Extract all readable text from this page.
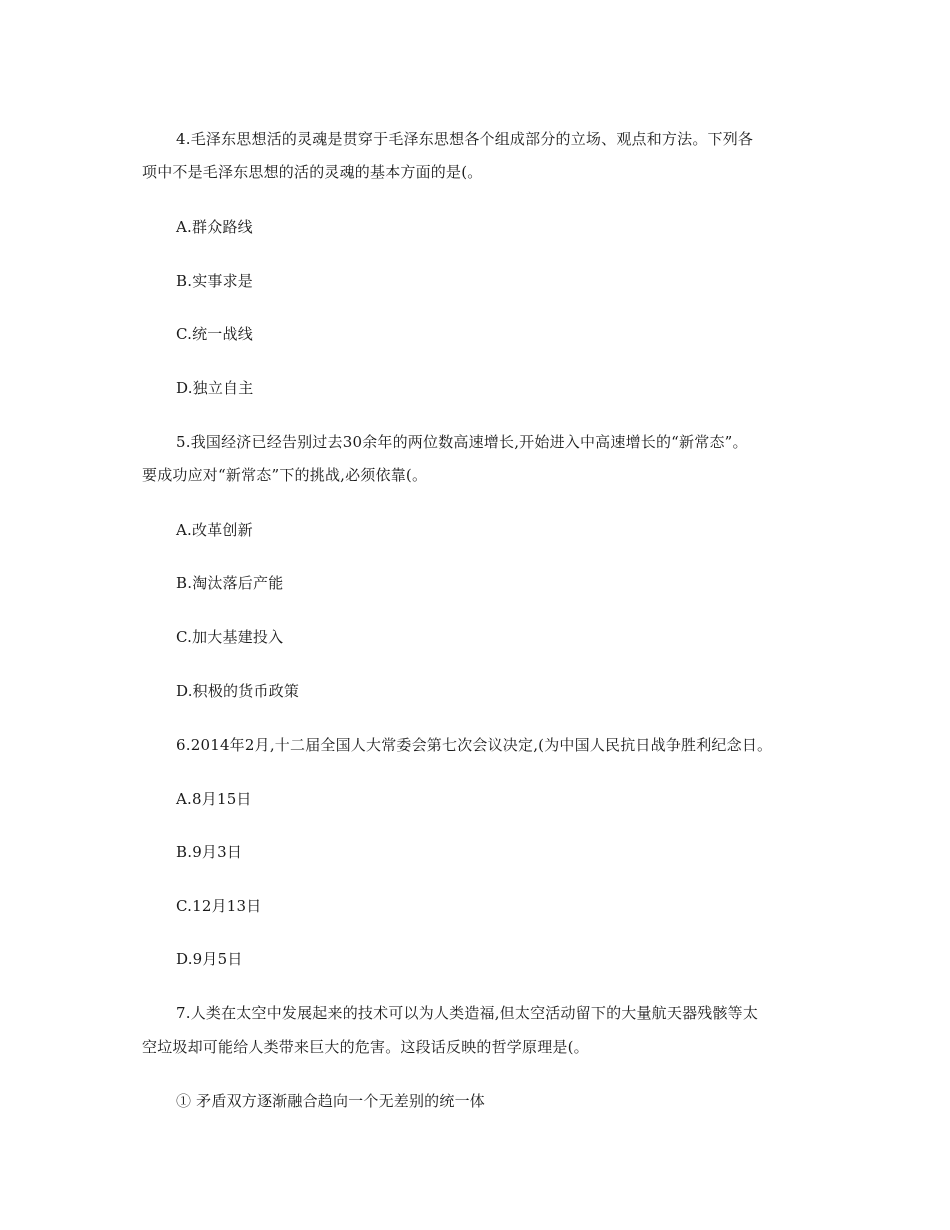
4.毛泽东思想活的灵魂是贯穿于毛泽东思想各个组成部分的立场、观点和方法。下列各
项中不是毛泽东思想的活的灵魂的基本方面的是(。
A.群众路线
B.实事求是
C.统一战线
D.独立自主
5.我国经济已经告别过去30余年的两位数高速增长,开始进入中高速增长的“新常态”。
要成功应对“新常态”下的挑战,必须依靠(。
A.改革创新
B.淘汰落后产能
C.加大基建投入
D.积极的货币政策
6.2014年2月,十二届全国人大常委会第七次会议决定,(为中国人民抗日战争胜利纪念日。
A.8月15日
B.9月3日
C.12月13日
D.9月5日
7.人类在太空中发展起来的技术可以为人类造福,但太空活动留下的大量航天器残骸等太
空垃圾却可能给人类带来巨大的危害。这段话反映的哲学原理是(。
① 矛盾双方逐渐融合趋向一个无差别的统一体
